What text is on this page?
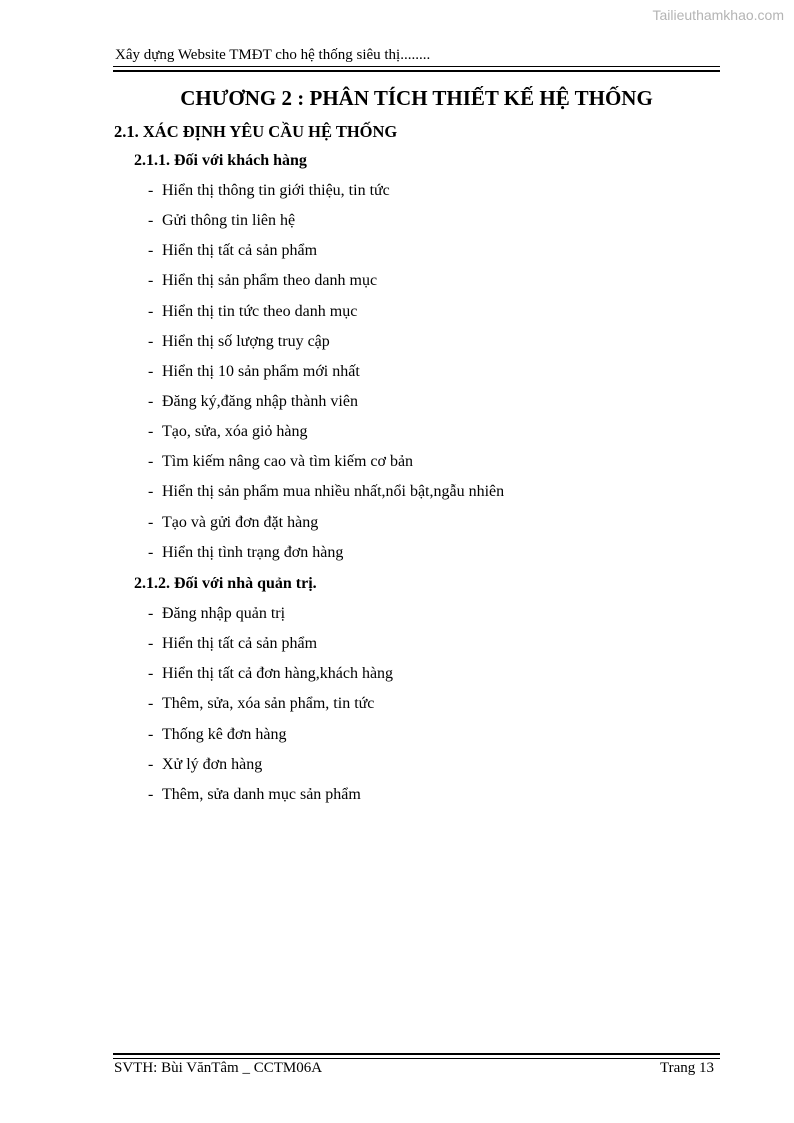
Tailieuthamkhao.com
Xây dựng Website TMĐT cho hệ thống siêu thị........
CHƯƠNG 2 : PHÂN TÍCH THIẾT KẾ HỆ THỐNG
2.1. XÁC ĐỊNH YÊU CẦU HỆ THỐNG
2.1.1. Đối với khách hàng
- Hiển thị thông tin giới thiệu, tin tức
- Gửi thông tin liên hệ
- Hiển thị tất cả sản phẩm
- Hiển thị sản phẩm theo danh mục
- Hiển thị tin tức theo danh mục
- Hiển thị số lượng truy cập
- Hiển thị 10 sản phẩm mới nhất
- Đăng ký,đăng nhập thành viên
- Tạo, sửa, xóa giỏ hàng
- Tìm kiếm nâng cao và tìm kiếm cơ bản
- Hiển thị sản phẩm mua nhiều nhất,nổi bật,ngẫu nhiên
- Tạo và gửi đơn đặt hàng
- Hiển thị tình trạng đơn hàng
2.1.2. Đối với nhà quản trị.
- Đăng nhập quản trị
- Hiển thị tất cả sản phẩm
- Hiển thị tất cả đơn hàng,khách hàng
- Thêm, sửa, xóa sản phẩm, tin tức
- Thống kê đơn hàng
- Xử lý đơn hàng
- Thêm, sửa danh mục sản phẩm
SVTH: Bùi VănTâm _ CCTM06A	Trang 13
